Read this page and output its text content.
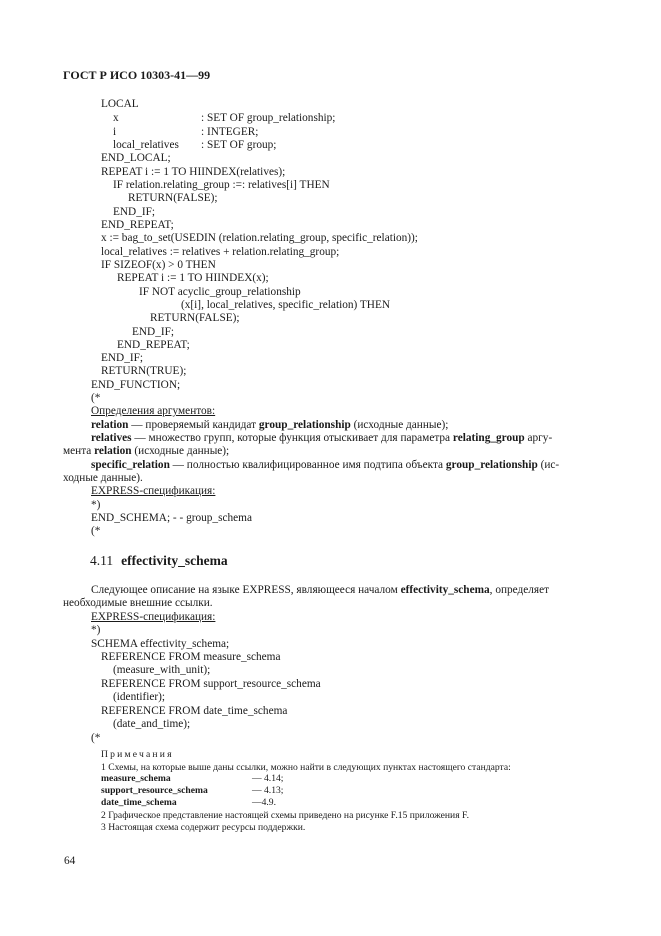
ГОСТ Р ИСО 10303-41—99
LOCAL
x	: SET OF group_relationship;
i	: INTEGER;
local_relatives : SET OF group;
END_LOCAL;
REPEAT i := 1 TO HIINDEX(relatives);
IF relation.relating_group :=: relatives[i] THEN
RETURN(FALSE);
END_IF;
END_REPEAT;
x := bag_to_set(USEDIN (relation.relating_group, specific_relation));
local_relatives := relatives + relation.relating_group;
IF SIZEOF(x) > 0 THEN
REPEAT i := 1 TO HIINDEX(x);
IF NOT acyclic_group_relationship
(x[i], local_relatives, specific_relation) THEN
RETURN(FALSE);
END_IF;
END_REPEAT;
END_IF;
RETURN(TRUE);
END_FUNCTION;
(*
Определения аргументов:
relation — проверяемый кандидат group_relationship (исходные данные);
relatives — множество групп, которые функция отыскивает для параметра relating_group аргу-
мента relation (исходные данные);
specific_relation — полностью квалифицированное имя подтипа объекта group_relationship (ис-
ходные данные).
EXPRESS-спецификация:
*)
END_SCHEMA; - - group_schema
(*
4.11 effectivity_schema
Следующее описание на языке EXPRESS, являющееся началом effectivity_schema, определяет
необходимые внешние ссылки.
EXPRESS-спецификация:
*)
SCHEMA effectivity_schema;
REFERENCE FROM measure_schema
(measure_with_unit);
REFERENCE FROM support_resource_schema
(identifier);
REFERENCE FROM date_time_schema
(date_and_time);
(*
Примечания
1 Схемы, на которые выше даны ссылки, можно найти в следующих пунктах настоящего стандарта:
measure_schema	— 4.14;
support_resource_schema	— 4.13;
date_time_schema	—4.9.
2 Графическое представление настоящей схемы приведено на рисунке F.15 приложения F.
3 Настоящая схема содержит ресурсы поддержки.
64
